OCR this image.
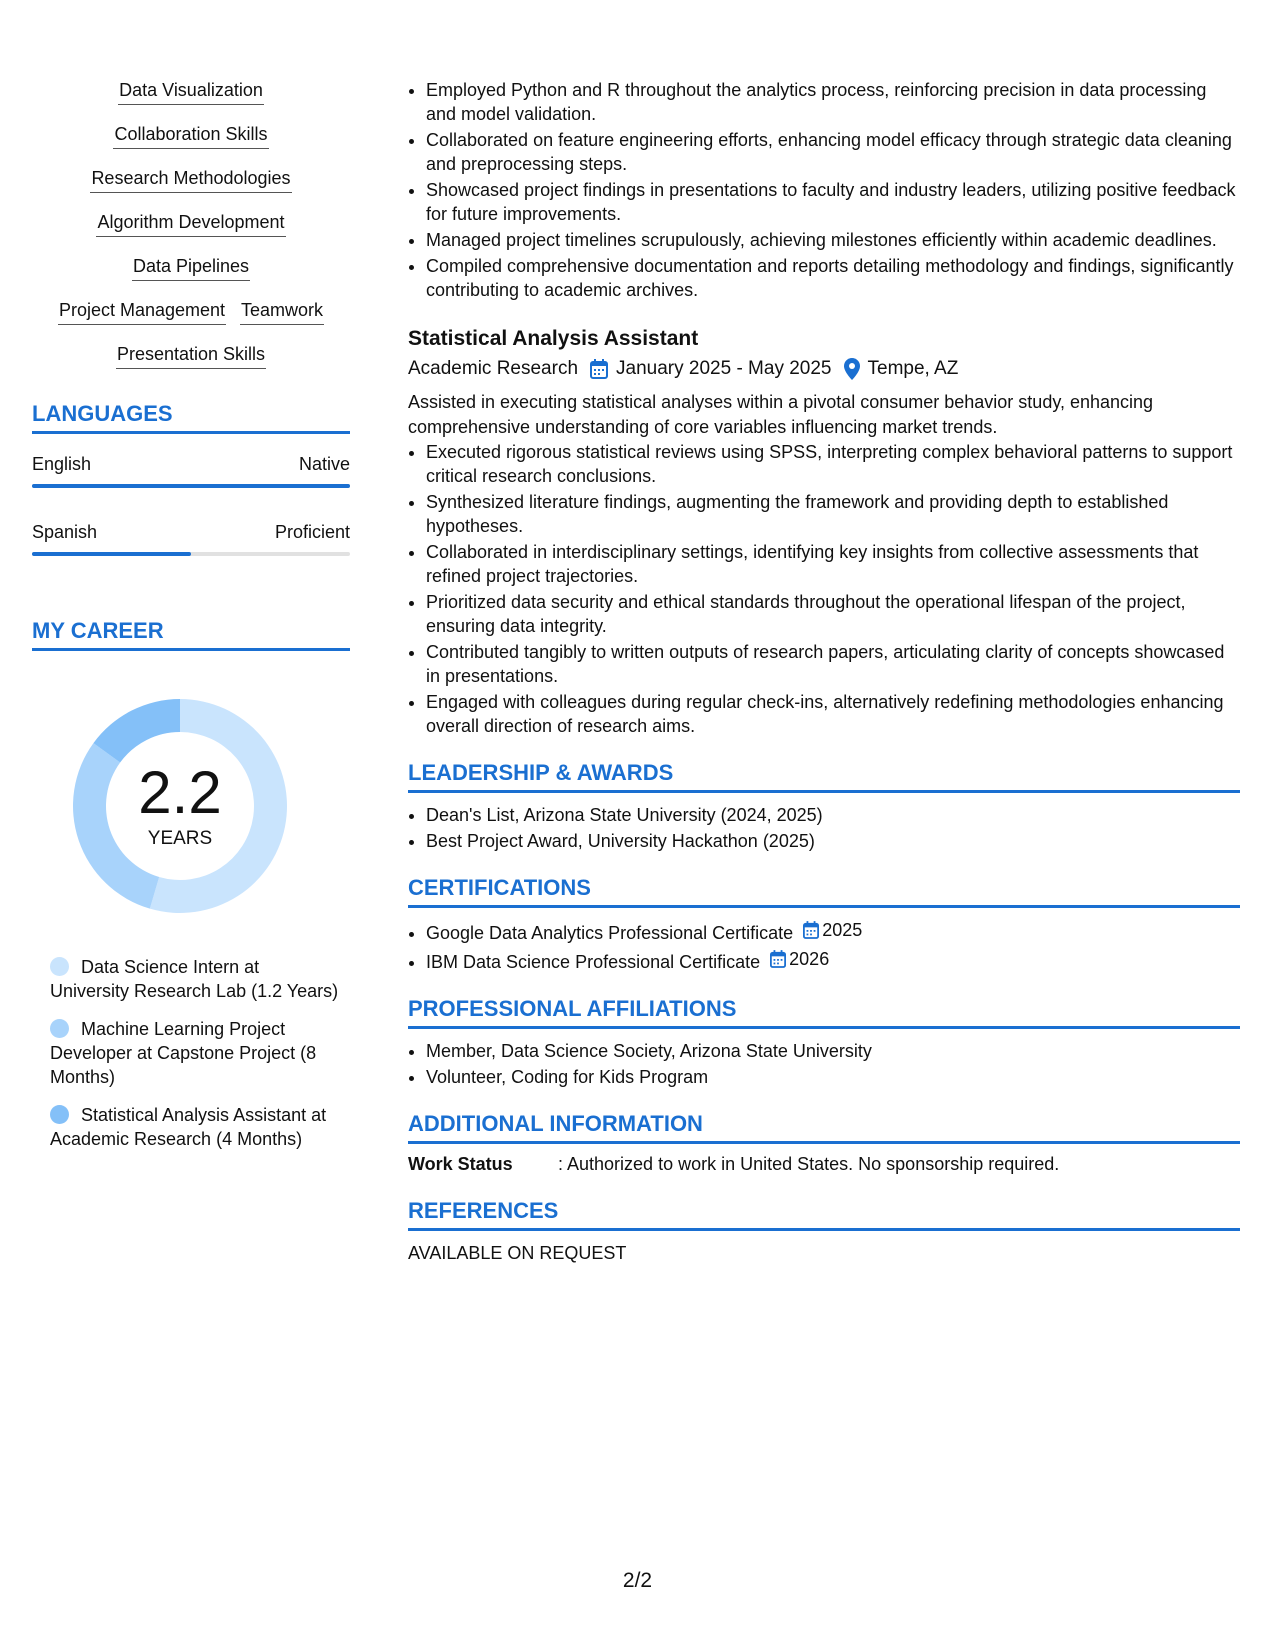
Data Visualization
Collaboration Skills
Research Methodologies
Algorithm Development
Data Pipelines
Project Management Teamwork
Presentation Skills
LANGUAGES
English	Native
Spanish	Proficient
MY CAREER
2.2
YEARS
Data Science Intern at University Research Lab (1.2 Years)
Machine Learning Project Developer at Capstone Project (8 Months)
Statistical Analysis Assistant at Academic Research (4 Months)
• Employed Python and R throughout the analytics process, reinforcing precision in data processing and model validation.
• Collaborated on feature engineering efforts, enhancing model efficacy through strategic data cleaning and preprocessing steps.
• Showcased project findings in presentations to faculty and industry leaders, utilizing positive feedback for future improvements.
• Managed project timelines scrupulously, achieving milestones efficiently within academic deadlines.
• Compiled comprehensive documentation and reports detailing methodology and findings, significantly contributing to academic archives.
Statistical Analysis Assistant
Academic Research January 2025 - May 2025 Tempe, AZ
Assisted in executing statistical analyses within a pivotal consumer behavior study, enhancing comprehensive understanding of core variables influencing market trends.
• Executed rigorous statistical reviews using SPSS, interpreting complex behavioral patterns to support critical research conclusions.
• Synthesized literature findings, augmenting the framework and providing depth to established hypotheses.
• Collaborated in interdisciplinary settings, identifying key insights from collective assessments that refined project trajectories.
• Prioritized data security and ethical standards throughout the operational lifespan of the project, ensuring data integrity.
• Contributed tangibly to written outputs of research papers, articulating clarity of concepts showcased in presentations.
• Engaged with colleagues during regular check-ins, alternatively redefining methodologies enhancing overall direction of research aims.
LEADERSHIP & AWARDS
• Dean's List, Arizona State University (2024, 2025)
• Best Project Award, University Hackathon (2025)
CERTIFICATIONS
• Google Data Analytics Professional Certificate 2025
• IBM Data Science Professional Certificate 2026
PROFESSIONAL AFFILIATIONS
• Member, Data Science Society, Arizona State University
• Volunteer, Coding for Kids Program
ADDITIONAL INFORMATION
Work Status	: Authorized to work in United States. No sponsorship required.
REFERENCES
AVAILABLE ON REQUEST
2/2
